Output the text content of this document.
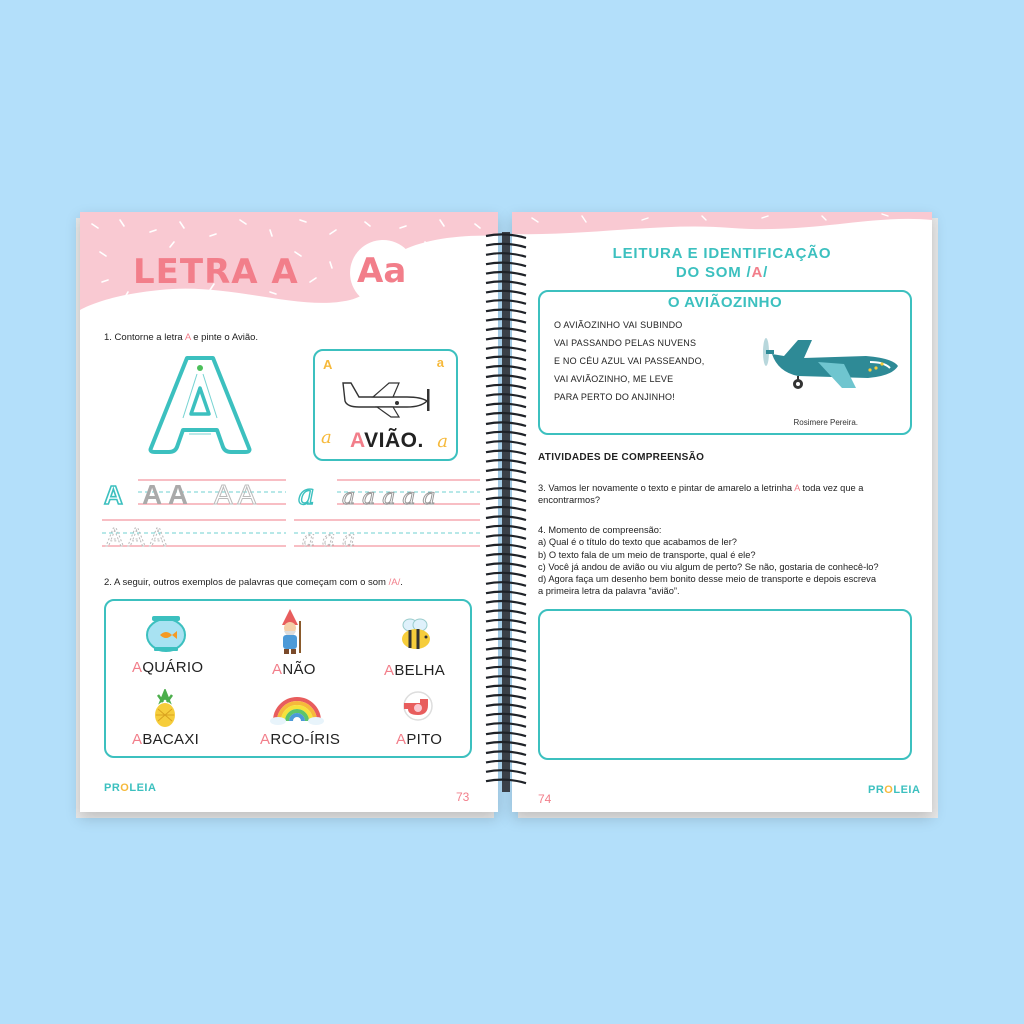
LETRA A Aa
1. Contorne a letra A e pinte o Avião.
A	a
a AVIÃO. a
A A A A A
A A A
a a a a a a
a a a
2. A seguir, outros exemplos de palavras que começam com o som /A/.
AQUÁRIO	ANÃO	ABELHA
ABACAXI	ARCO-ÍRIS	APITO
PROLEIA
73
LEITURA E IDENTIFICAÇÃO
DO SOM /A/
O AVIÃOZINHO
O AVIÃOZINHO VAI SUBINDO
VAI PASSANDO PELAS NUVENS
E NO CÉU AZUL VAI PASSEANDO,
VAI AVIÃOZINHO, ME LEVE
PARA PERTO DO ANJINHO!
Rosimere Pereira.
ATIVIDADES DE COMPREENSÃO
3. Vamos ler novamente o texto e pintar de amarelo a letrinha A toda vez que a
encontrarmos?
4. Momento de compreensão:
a) Qual é o título do texto que acabamos de ler?
b) O texto fala de um meio de transporte, qual é ele?
c) Você já andou de avião ou viu algum de perto? Se não, gostaria de conhecê-lo?
d) Agora faça um desenho bem bonito desse meio de transporte e depois escreva
a primeira letra da palavra “avião”.
74
PROLEIA
